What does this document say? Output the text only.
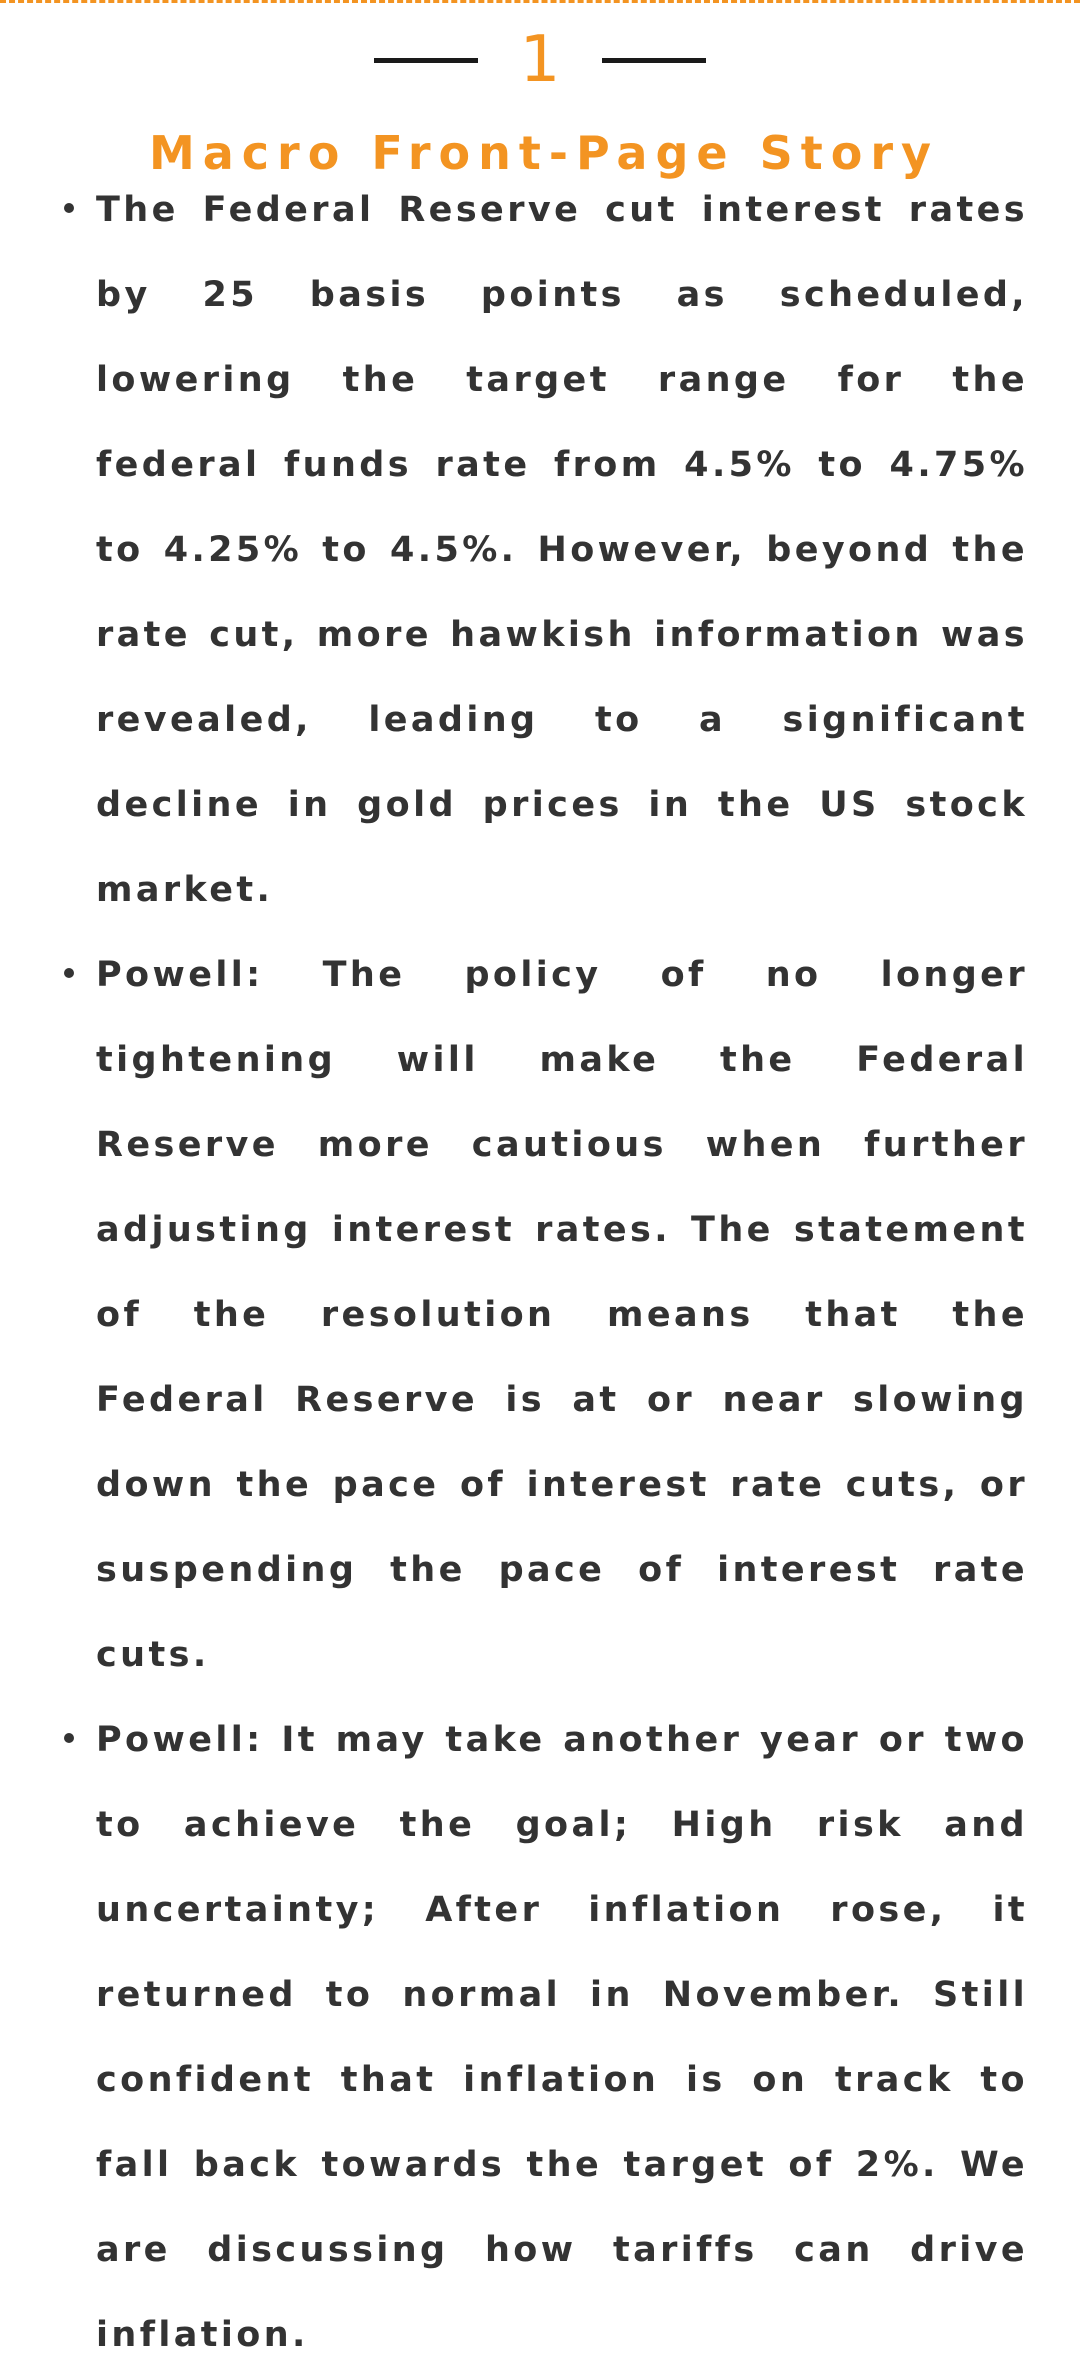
1
Macro Front-Page Story
The Federal Reserve cut interest rates by 25 basis points as scheduled, lowering the target range for the federal funds rate from 4.5% to 4.75% to 4.25% to 4.5%. However, beyond the rate cut, more hawkish information was revealed, leading to a significant decline in gold prices in the US stock market.
Powell: The policy of no longer tightening will make the Federal Reserve more cautious when further adjusting interest rates. The statement of the resolution means that the Federal Reserve is at or near slowing down the pace of interest rate cuts, or suspending the pace of interest rate cuts.
Powell: It may take another year or two to achieve the goal; High risk and uncertainty; After inflation rose, it returned to normal in November. Still confident that inflation is on track to fall back towards the target of 2%. We are discussing how tariffs can drive inflation.
